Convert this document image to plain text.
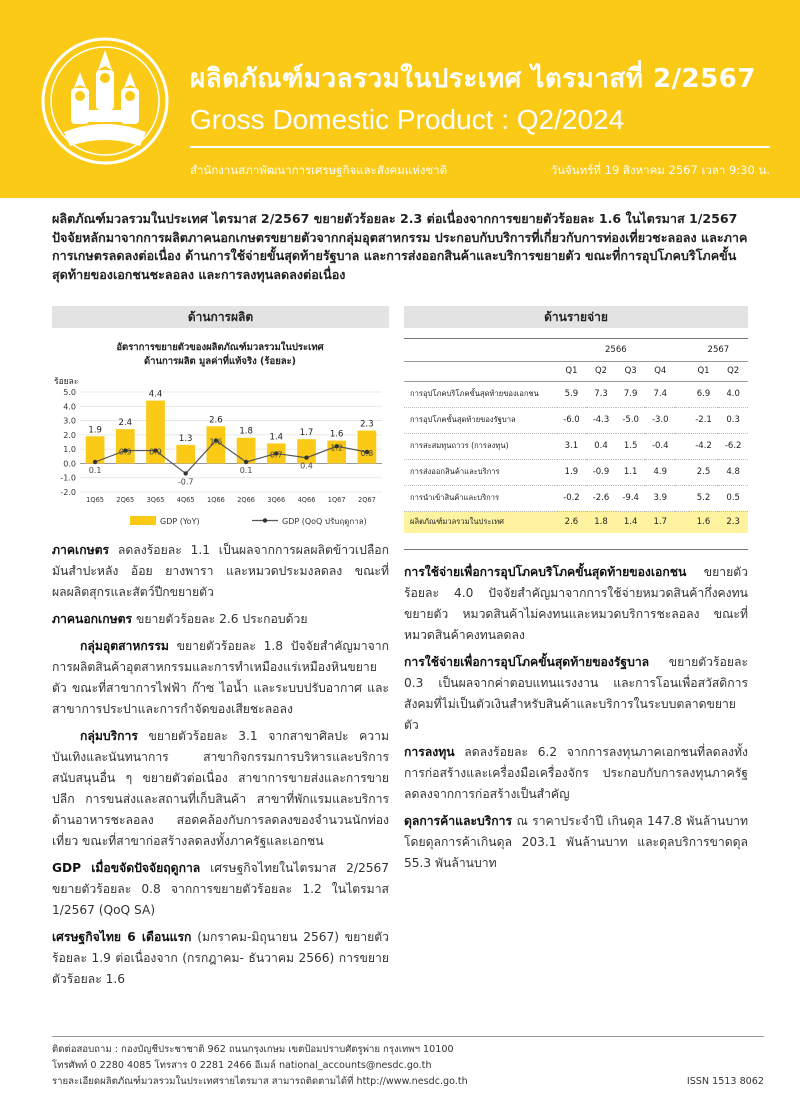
ผลิตภัณฑ์มวลรวมในประเทศ ไตรมาสที่ 2/2567
Gross Domestic Product : Q2/2024
สำนักงานสภาพัฒนาการเศรษฐกิจและสังคมแห่งชาติ	วันจันทร์ที่ 19 สิงหาคม 2567 เวลา 9:30 น.
ผลิตภัณฑ์มวลรวมในประเทศ ไตรมาส 2/2567 ขยายตัวร้อยละ 2.3 ต่อเนื่องจากการขยายตัวร้อยละ 1.6 ในไตรมาส 1/2567 ปัจจัยหลักมาจากการผลิตภาคนอกเกษตรขยายตัวจากกลุ่มอุตสาหกรรม ประกอบกับบริการที่เกี่ยวกับการท่องเที่ยวชะลอลง และภาคการเกษตรลดลงต่อเนื่อง ด้านการใช้จ่ายขั้นสุดท้ายรัฐบาล และการส่งออกสินค้าและบริการขยายตัว ขณะที่การอุปโภคบริโภคขั้นสุดท้ายของเอกชนชะลอลง และการลงทุนลดลงต่อเนื่อง
ด้านการผลิต	ด้านรายจ่าย
อัตราการขยายตัวของผลิตภัณฑ์มวลรวมในประเทศ
ด้านการผลิต มูลค่าที่แท้จริง (ร้อยละ)
ร้อยละ
5.0
4.0
3.0
2.0
1.0
0.0
-1.0
-2.0
1.9
2.4
4.4
1.3
2.6
1.8
1.4 1.7 1.6
2.3
0.1
0.9 0.9
-0.7
1.6
0.1
0.7
0.4
1.2
0.8
1Q65 2Q65 3Q65 4Q65 1Q66 2Q66 3Q66 4Q66 1Q67 2Q67
GDP (YoY)	GDP (QoQ ปรับฤดูกาล)
	2566					2567	
	Q1	Q2	Q3	Q4		Q1	Q2
การอุปโภคบริโภคขั้นสุดท้ายของเอกชน	5.9	7.3	7.9	7.4		6.9	4.0
การอุปโภคขั้นสุดท้ายของรัฐบาล	-6.0	-4.3	-5.0	-3.0		-2.1	0.3
การสะสมทุนถาวร (การลงทุน)	3.1	0.4	1.5	-0.4		-4.2	-6.2
การส่งออกสินค้าและบริการ	1.9	-0.9	1.1	4.9		2.5	4.8
การนำเข้าสินค้าและบริการ	-0.2	-2.6	-9.4	3.9		5.2	0.5
ผลิตภัณฑ์มวลรวมในประเทศ	2.6	1.8	1.4	1.7		1.6	2.3

ภาคเกษตร ลดลงร้อยละ 1.1 เป็นผลจากการผลผลิตข้าวเปลือก มันสำปะหลัง อ้อย ยางพารา และหมวดประมงลดลง ขณะที่ผลผลิตสุกรและสัตว์ปีกขยายตัว

ภาคนอกเกษตร ขยายตัวร้อยละ 2.6 ประกอบด้วย

กลุ่มอุตสาหกรรม ขยายตัวร้อยละ 1.8 ปัจจัยสำคัญมาจากการผลิตสินค้าอุตสาหกรรมและการทำเหมืองแร่เหมืองหินขยายตัว ขณะที่สาขาการไฟฟ้า ก๊าซ ไอน้ำ และระบบปรับอากาศ และสาขาการประปาและการกำจัดของเสียชะลอลง

กลุ่มบริการ ขยายตัวร้อยละ 3.1 จากสาขาศิลปะ ความบันเทิงและนันทนาการ สาขากิจกรรมการบริหารและบริการสนับสนุนอื่น ๆ ขยายตัวต่อเนื่อง สาขาการขายส่งและการขายปลีก การขนส่งและสถานที่เก็บสินค้า สาขาที่พักแรมและบริการด้านอาหารชะลอลง สอดคล้องกับการลดลงของจำนวนนักท่องเที่ยว ขณะที่สาขาก่อสร้างลดลงทั้งภาครัฐและเอกชน

GDP เมื่อขจัดปัจจัยฤดูกาล เศรษฐกิจไทยในไตรมาส 2/2567 ขยายตัวร้อยละ 0.8 จากการขยายตัวร้อยละ 1.2 ในไตรมาส 1/2567 (QoQ SA)

เศรษฐกิจไทย 6 เดือนแรก (มกราคม-มิถุนายน 2567) ขยายตัวร้อยละ 1.9 ต่อเนื่องจาก (กรกฎาคม- ธันวาคม 2566) การขยายตัวร้อยละ 1.6

การใช้จ่ายเพื่อการอุปโภคบริโภคขั้นสุดท้ายของเอกชน ขยายตัวร้อยละ 4.0 ปัจจัยสำคัญมาจากการใช้จ่ายหมวดสินค้ากึ่งคงทนขยายตัว หมวดสินค้าไม่คงทนและหมวดบริการชะลอลง ขณะที่หมวดสินค้าคงทนลดลง

การใช้จ่ายเพื่อการอุปโภคขั้นสุดท้ายของรัฐบาล ขยายตัวร้อยละ 0.3 เป็นผลจากค่าตอบแทนแรงงาน และการโอนเพื่อสวัสดิการสังคมที่ไม่เป็นตัวเงินสำหรับสินค้าและบริการในระบบตลาดขยายตัว

การลงทุน ลดลงร้อยละ 6.2 จากการลงทุนภาคเอกชนที่ลดลงทั้งการก่อสร้างและเครื่องมือเครื่องจักร ประกอบกับการลงทุนภาครัฐลดลงจากการก่อสร้างเป็นสำคัญ

ดุลการค้าและบริการ ณ ราคาประจำปี เกินดุล 147.8 พันล้านบาท โดยดุลการค้าเกินดุล 203.1 พันล้านบาท และดุลบริการขาดดุล 55.3 พันล้านบาท

ติดต่อสอบถาม : กองบัญชีประชาชาติ 962 ถนนกรุงเกษม เขตป้อมปราบศัตรูพ่าย กรุงเทพฯ 10100
โทรศัพท์ 0 2280 4085 โทรสาร 0 2281 2466 อีเมล์ national_accounts@nesdc.go.th
รายละเอียดผลิตภัณฑ์มวลรวมในประเทศรายไตรมาส สามารถติดตามได้ที่ http://www.nesdc.go.th	ISSN 1513 8062
